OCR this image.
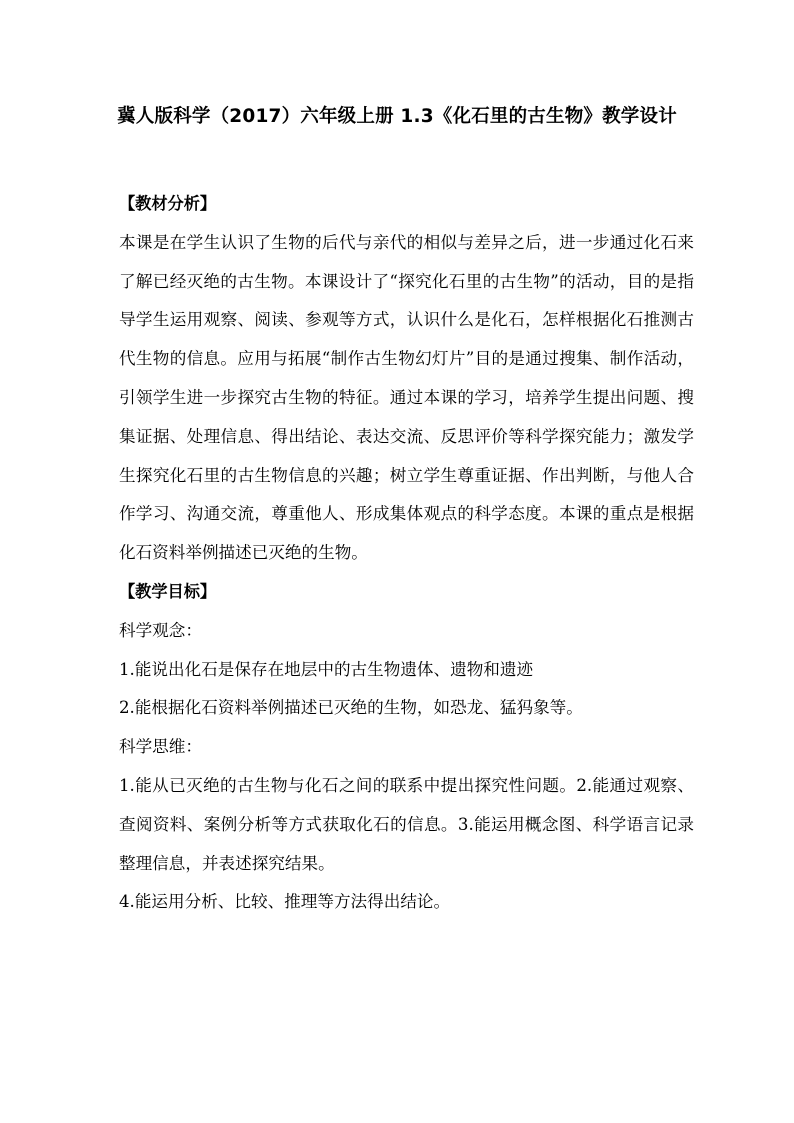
冀人版科学（2017）六年级上册 1.3《化石里的古生物》教学设计

【教材分析】

本课是在学生认识了生物的后代与亲代的相似与差异之后，进一步通过化石来了解已经灭绝的古生物。本课设计了“探究化石里的古生物”的活动，目的是指导学生运用观察、阅读、参观等方式，认识什么是化石，怎样根据化石推测古代生物的信息。应用与拓展“制作古生物幻灯片”目的是通过搜集、制作活动，引领学生进一步探究古生物的特征。通过本课的学习，培养学生提出问题、搜集证据、处理信息、得出结论、表达交流、反思评价等科学探究能力；激发学生探究化石里的古生物信息的兴趣；树立学生尊重证据、作出判断，与他人合作学习、沟通交流，尊重他人、形成集体观点的科学态度。本课的重点是根据化石资料举例描述已灭绝的生物。

【教学目标】

科学观念：

1.能说出化石是保存在地层中的古生物遗体、遗物和遗迹

2.能根据化石资料举例描述已灭绝的生物，如恐龙、猛犸象等。

科学思维：

1.能从已灭绝的古生物与化石之间的联系中提出探究性问题。2.能通过观察、查阅资料、案例分析等方式获取化石的信息。3.能运用概念图、科学语言记录整理信息，并表述探究结果。

4.能运用分析、比较、推理等方法得出结论。
